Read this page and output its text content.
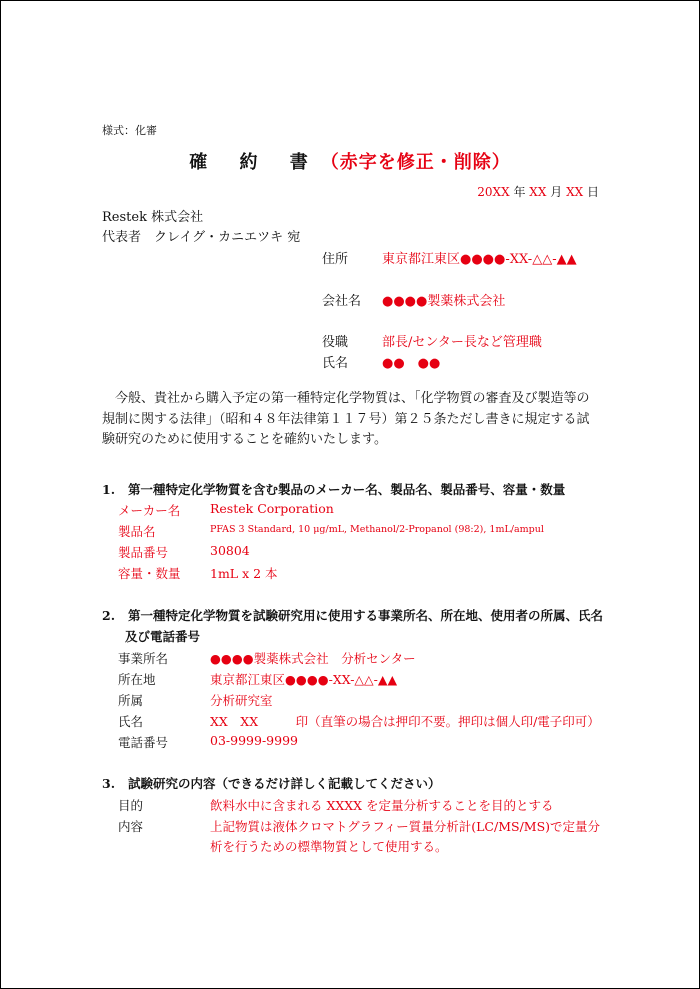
様式：化審
確 約 書（赤字を修正・削除）
20XX 年 XX 月 XX 日
Restek 株式会社
代表者　クレイグ・カニエツキ 宛
住所	東京都江東区●●●●-XX-△△-▲▲
会社名 ●●●●製薬株式会社
役職	部長/センター長など管理職
氏名	●●　●●
今般、貴社から購入予定の第一種特定化学物質は、「化学物質の審査及び製造等の規制に関する法律」（昭和４８年法律第１１７号）第２５条ただし書きに規定する試験研究のために使用することを確約いたします。
1. 第一種特定化学物質を含む製品のメーカー名、製品名、製品番号、容量・数量
メーカー名 Restek Corporation
製品名	PFAS 3 Standard, 10 μg/mL, Methanol/2-Propanol (98:2), 1mL/ampul
製品番号	30804
容量・数量 1mL x 2 本
2. 第一種特定化学物質を試験研究用に使用する事業所名、所在地、使用者の所属、氏名
及び電話番号
事業所名	●●●●製薬株式会社　分析センター
所在地	東京都江東区●●●●-XX-△△-▲▲
所属	分析研究室
氏名	XX　XX　　　印（直筆の場合は押印不要。押印は個人印/電子印可）
電話番号	03-9999-9999
3. 試験研究の内容（できるだけ詳しく記載してください）
目的	飲料水中に含まれる XXXX を定量分析することを目的とする
内容	上記物質は液体クロマトグラフィー質量分析計(LC/MS/MS)で定量分析を行うための標準物質として使用する。
